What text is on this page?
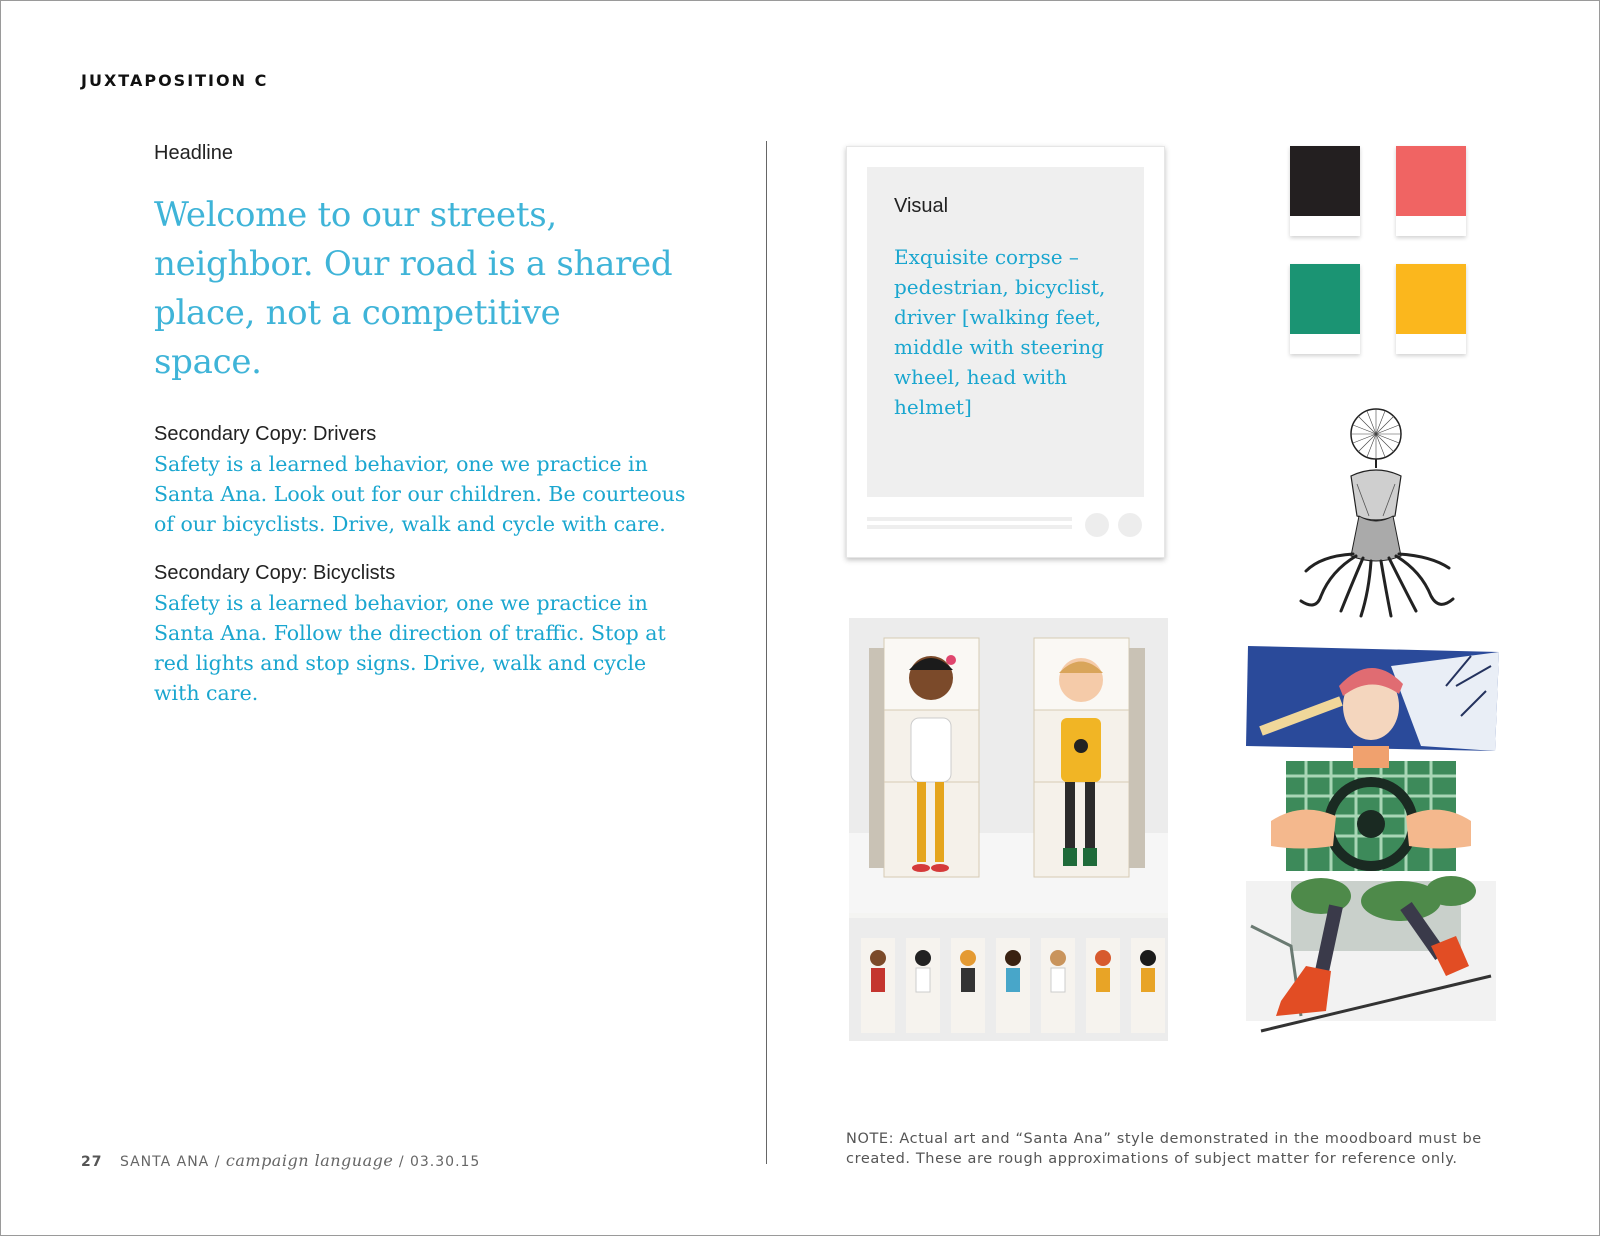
JUXTAPOSITION C
Headline
Welcome to our streets, neighbor. Our road is a shared place, not a competitive space.
Secondary Copy: Drivers
Safety is a learned behavior, one we practice in Santa Ana. Look out for our children. Be courteous of our bicyclists. Drive, walk and cycle with care.
Secondary Copy: Bicyclists
Safety is a learned behavior, one we practice in Santa Ana. Follow the direction of traffic. Stop at red lights and stop signs. Drive, walk and cycle with care.
Visual
Exquisite corpse – pedestrian, bicyclist, driver [walking feet, middle with steering wheel, head with helmet]
27 SANTA ANA / campaign language / 03.30.15
NOTE: Actual art and “Santa Ana” style demonstrated in the moodboard must be created. These are rough approximations of subject matter for reference only.
